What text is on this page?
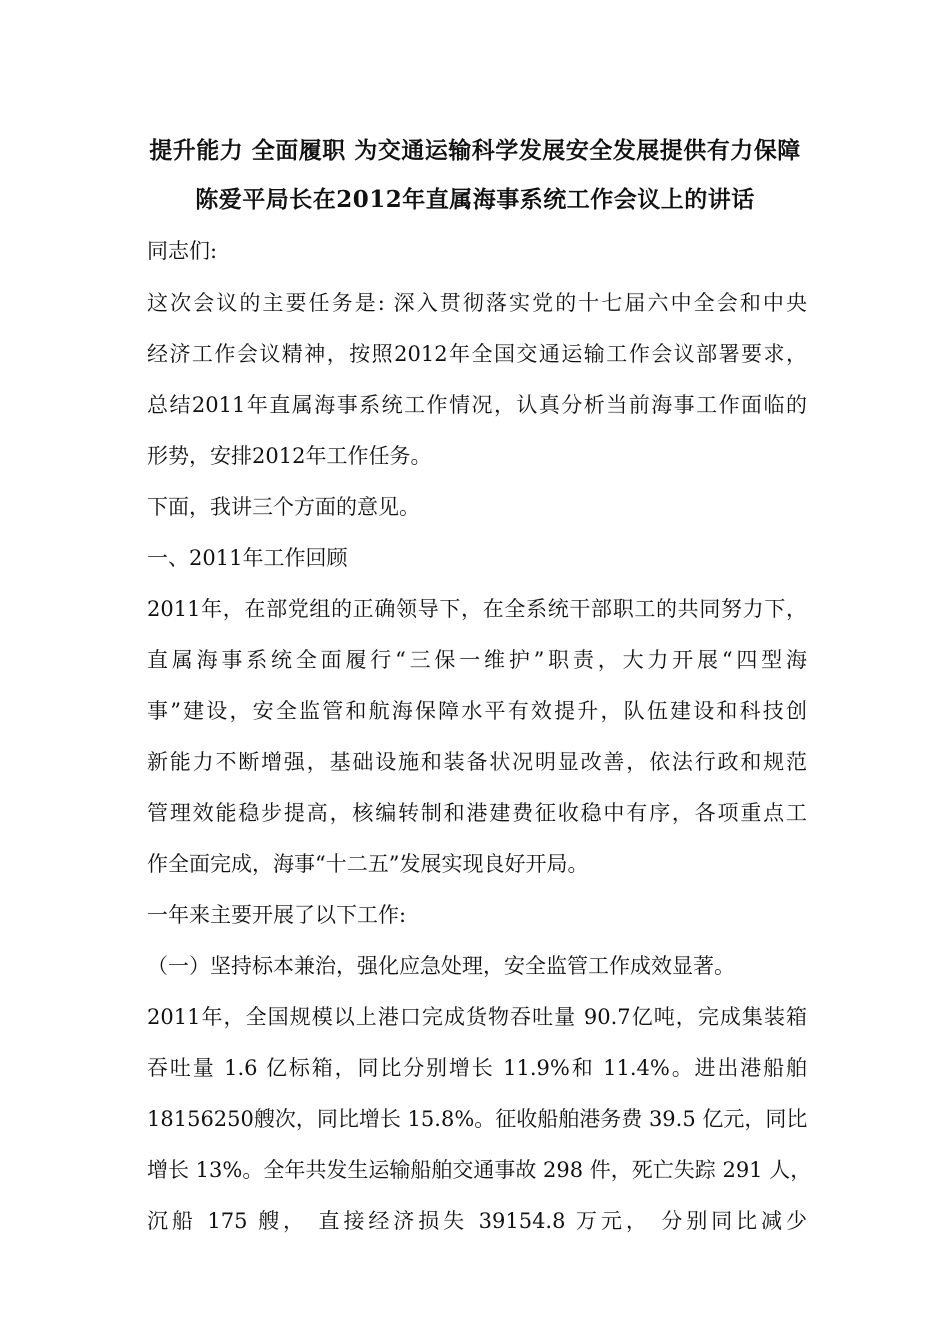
提升能力 全面履职 为交通运输科学发展安全发展提供有力保障
陈爱平局长在2012年直属海事系统工作会议上的讲话
同志们:
这次会议的主要任务是: 深入贯彻落实党的十七届六中全会和中央
经济工作会议精神，按照2012年全国交通运输工作会议部署要求，
总结2011年直属海事系统工作情况，认真分析当前海事工作面临的
形势，安排2012年工作任务。
下面，我讲三个方面的意见。
一、2011年工作回顾
2011年，在部党组的正确领导下，在全系统干部职工的共同努力下，
直属海事系统全面履行“三保一维护”职责，大力开展“四型海
事”建设，安全监管和航海保障水平有效提升，队伍建设和科技创
新能力不断增强，基础设施和装备状况明显改善，依法行政和规范
管理效能稳步提高，核编转制和港建费征收稳中有序，各项重点工
作全面完成，海事“十二五”发展实现良好开局。
一年来主要开展了以下工作:
（一）坚持标本兼治，强化应急处理，安全监管工作成效显著。
2011年，全国规模以上港口完成货物吞吐量 90.7亿吨，完成集装箱
吞吐量 1.6 亿标箱，同比分别增长 11.9%和 11.4%。进出港船舶
18156250艘次，同比增长 15.8%。征收船舶港务费 39.5 亿元，同比
增长 13%。全年共发生运输船舶交通事故 298 件，死亡失踪 291 人，
沉船 175 艘， 直接经济损失 39154.8 万元， 分别同比减少
